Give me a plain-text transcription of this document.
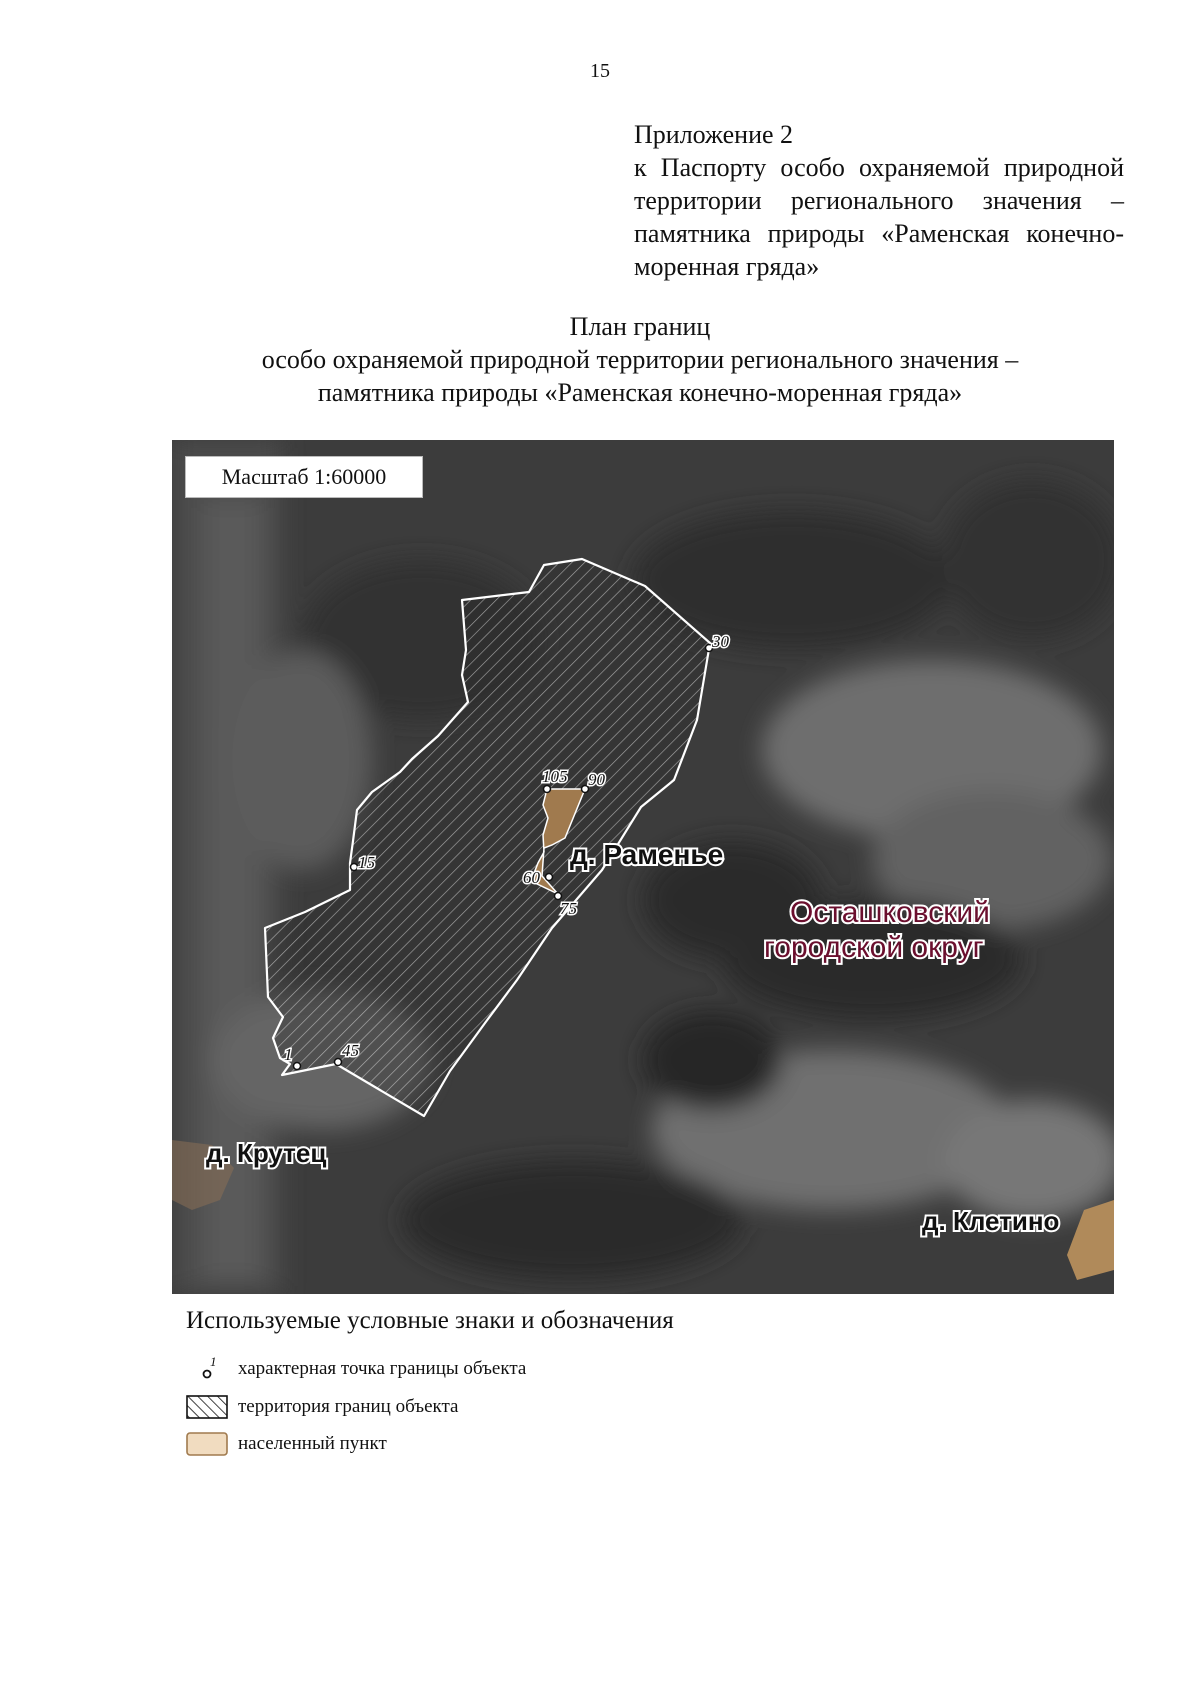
15
Приложение 2
к Паспорту особо охраняемой природной территории регионального значения – памятника природы «Раменская конечно-моренная гряда»
План границ
особо охраняемой природной территории регионального значения –
памятника природы «Раменская конечно-моренная гряда»
1
15
30
45
60
75
90
105
д. Раменье
д. Крутец
д. Клетино
Осташковский
городской округ
Масштаб 1:60000
Используемые условные знаки и обозначения
1 характерная точка границы объекта
территория границ объекта
населенный пункт
